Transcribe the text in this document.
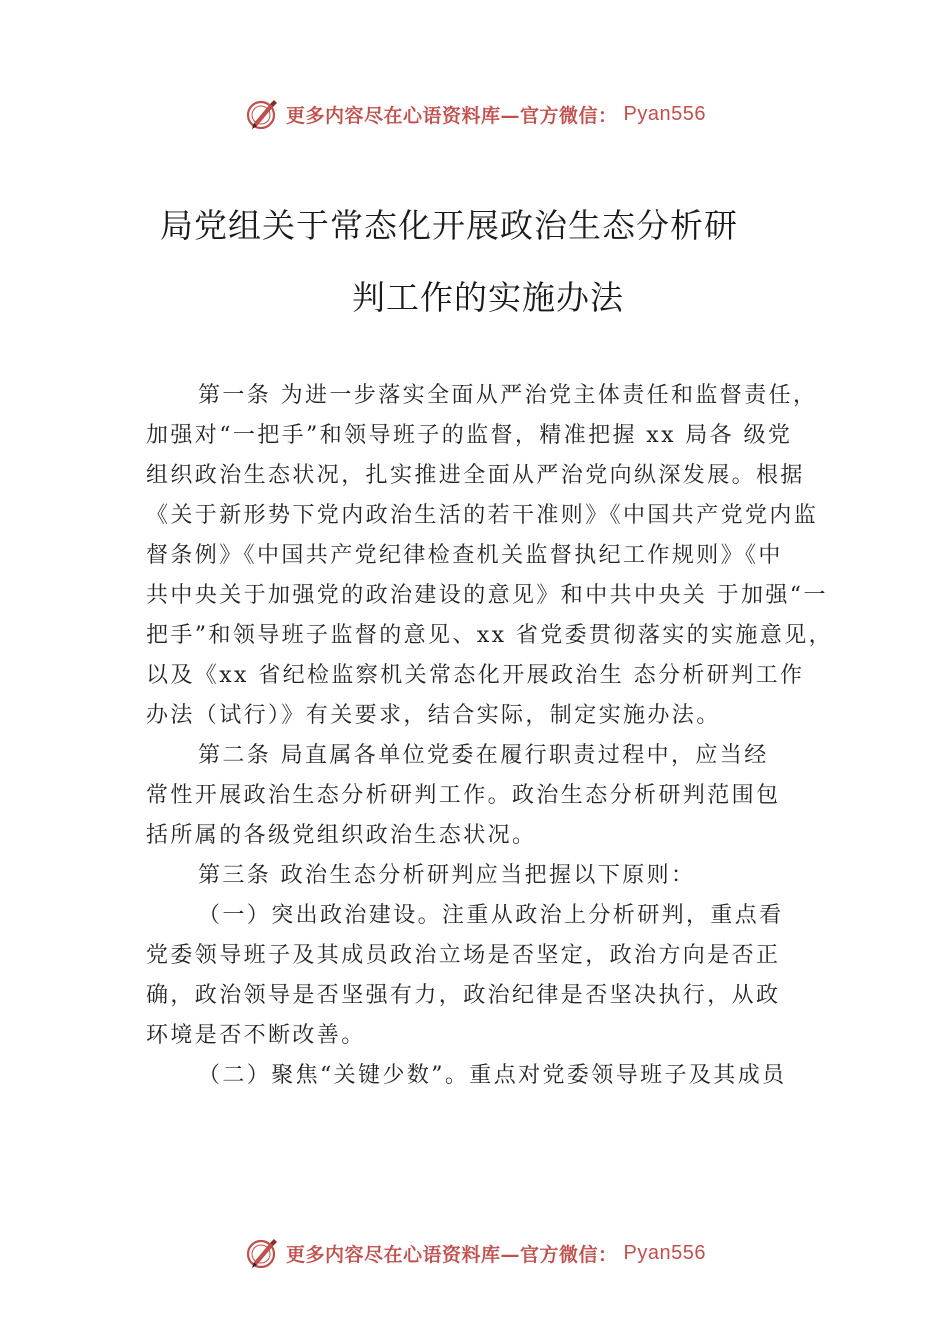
更多内容尽在心语资料库—官方微信： Pyan556
局党组关于常态化开展政治生态分析研
判工作的实施办法
第一条 为进一步落实全面从严治党主体责任和监督责任，
加强对“一把手”和领导班子的监督，精准把握 xx 局各 级党
组织政治生态状况，扎实推进全面从严治党向纵深发展。根据
《关于新形势下党内政治生活的若干准则》《中国共产党党内监
督条例》《中国共产党纪律检查机关监督执纪工作规则》《中
共中央关于加强党的政治建设的意见》和中共中央关 于加强“一
把手”和领导班子监督的意见、xx 省党委贯彻落实的实施意见，
以及《xx 省纪检监察机关常态化开展政治生 态分析研判工作
办法（试行）》有关要求，结合实际，制定实施办法。
第二条 局直属各单位党委在履行职责过程中，应当经
常性开展政治生态分析研判工作。政治生态分析研判范围包
括所属的各级党组织政治生态状况。
第三条 政治生态分析研判应当把握以下原则：
（一）突出政治建设。注重从政治上分析研判，重点看
党委领导班子及其成员政治立场是否坚定，政治方向是否正
确，政治领导是否坚强有力，政治纪律是否坚决执行，从政
环境是否不断改善。
（二）聚焦“关键少数”。重点对党委领导班子及其成员
更多内容尽在心语资料库—官方微信： Pyan556
